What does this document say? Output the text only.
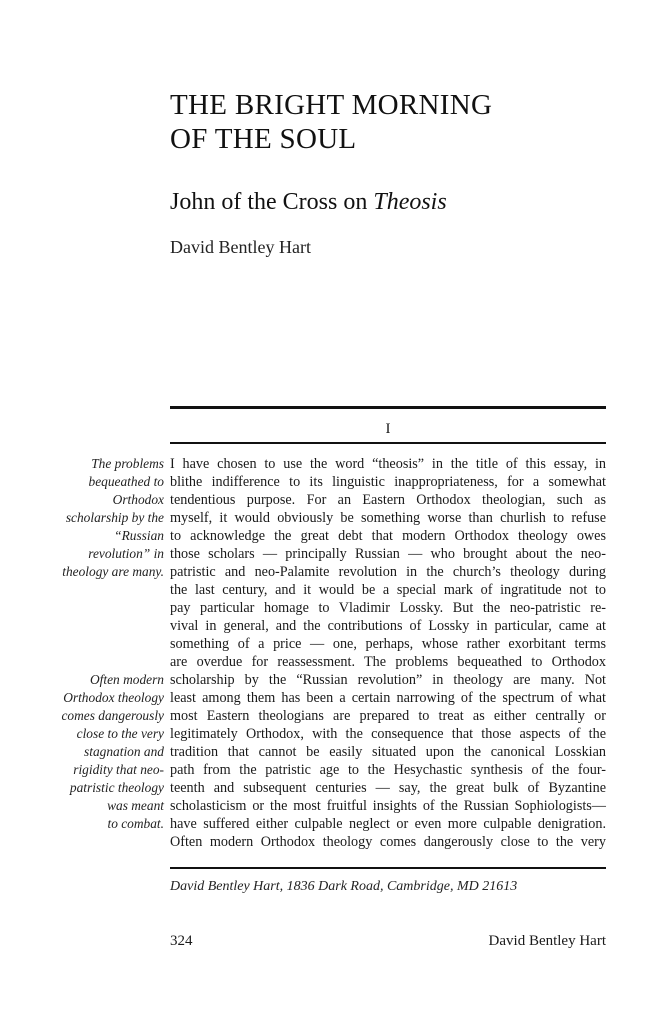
THE BRIGHT MORNING
OF THE SOUL
John of the Cross on Theosis
David Bentley Hart
I
The problems
bequeathed to
Orthodox
scholarship by the
“Russian
revolution” in
theology are many.
Often modern
Orthodox theology
comes dangerously
close to the very
stagnation and
rigidity that neo-
patristic theology
was meant
to combat.
I have chosen to use the word “theosis” in the title of this essay, in
blithe indifference to its linguistic inappropriateness, for a somewhat
tendentious purpose. For an Eastern Orthodox theologian, such as
myself, it would obviously be something worse than churlish to refuse
to acknowledge the great debt that modern Orthodox theology owes
those scholars — principally Russian — who brought about the neo-
patristic and neo-Palamite revolution in the church’s theology during
the last century, and it would be a special mark of ingratitude not to
pay particular homage to Vladimir Lossky. But the neo-patristic re-
vival in general, and the contributions of Lossky in particular, came at
something of a price — one, perhaps, whose rather exorbitant terms
are overdue for reassessment. The problems bequeathed to Orthodox
scholarship by the “Russian revolution” in theology are many. Not
least among them has been a certain narrowing of the spectrum of what
most Eastern theologians are prepared to treat as either centrally or
legitimately Orthodox, with the consequence that those aspects of the
tradition that cannot be easily situated upon the canonical Losskian
path from the patristic age to the Hesychastic synthesis of the four-
teenth and subsequent centuries — say, the great bulk of Byzantine
scholasticism or the most fruitful insights of the Russian Sophiologists—
have suffered either culpable neglect or even more culpable denigration.
Often modern Orthodox theology comes dangerously close to the very
David Bentley Hart, 1836 Dark Road, Cambridge, MD 21613
324	David Bentley Hart
